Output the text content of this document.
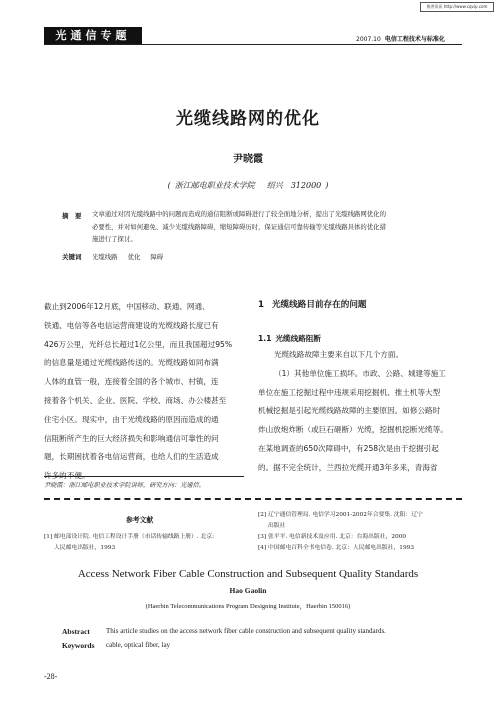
维普资讯 http://www.cqvip.com
光通信专题	2007.10 电信工程技术与标准化
光缆线路网的优化
尹晓霞
( 浙江邮电职业技术学院 绍兴 312000 )
摘　要 文章通过对因光缆线路中的问题而造成的通信阻断或障碍进行了较全面地分析，提出了光缆线路网优化的
必要性，并对如何避免、减少光缆线路障碍，缩短障碍历时，保证通信可靠传输等光缆线路具体的优化措
施进行了探讨。
关键词 光缆线路 优化 障碍
截止到2006年12月底，中国移动、联通、网通、
铁通、电信等各电信运营商建设的光缆线路长度已有
426万公里，光纤总长超过1亿公里，而且我国超过95%
的信息量是通过光缆线路传送的。光缆线路如同布满
人体的血管一般，连接着全国的各个城市、村镇，连
接着各个机关、企业、医院、学校、商场、办公楼甚至
住宅小区。现实中，由于光缆线路的原因而造成的通
信阻断所产生的巨大经济损失和影响通信可靠性的问
题，长期困扰着各电信运营商，也给人们的生活造成
1 光缆线路目前存在的问题
1.1 光缆线路阻断
光缆线路故障主要来自以下几个方面。
（1）其他单位施工损坏。市政、公路、城建等施工
单位在施工挖掘过程中违规采用挖掘机、推土机等大型
机械挖掘是引起光缆线路故障的主要原因。如修公路时
炸山放炮炸断（或巨石砸断）光缆，挖掘机挖断光缆等。
在某地调查的650次障碍中，有258次是由于挖掘引起
的。据不完全统计，兰西拉光缆开通3年多来，青海省
尹晓霞：浙江邮电职业技术学院讲师，研究方向：光通信。
参考文献
[1] 邮电部设计院. 电信工程设计手册（市话传输线路上册）. 北京:
人民邮电出版社，1993
[2] 辽宁通信管理局. 电信学习2001-2002年合要集. 沈阳：辽宁
出版社
[3] 张平平. 电信新技术及应用. 北京：台海出版社，2000
[4] 中国邮电百科全书电信卷. 北京：人民邮电出版社，1993
Access Network Fiber Cable Construction and Subsequent Quality Standards
Hao Gaolin
(Haerbin Telecommunications Program Designing Institute，Haerbin 150016)
Abstract This article studies on the access network fiber cable construction and subsequent quality standards.
Keywords cable, optical fiber, lay
-28-
